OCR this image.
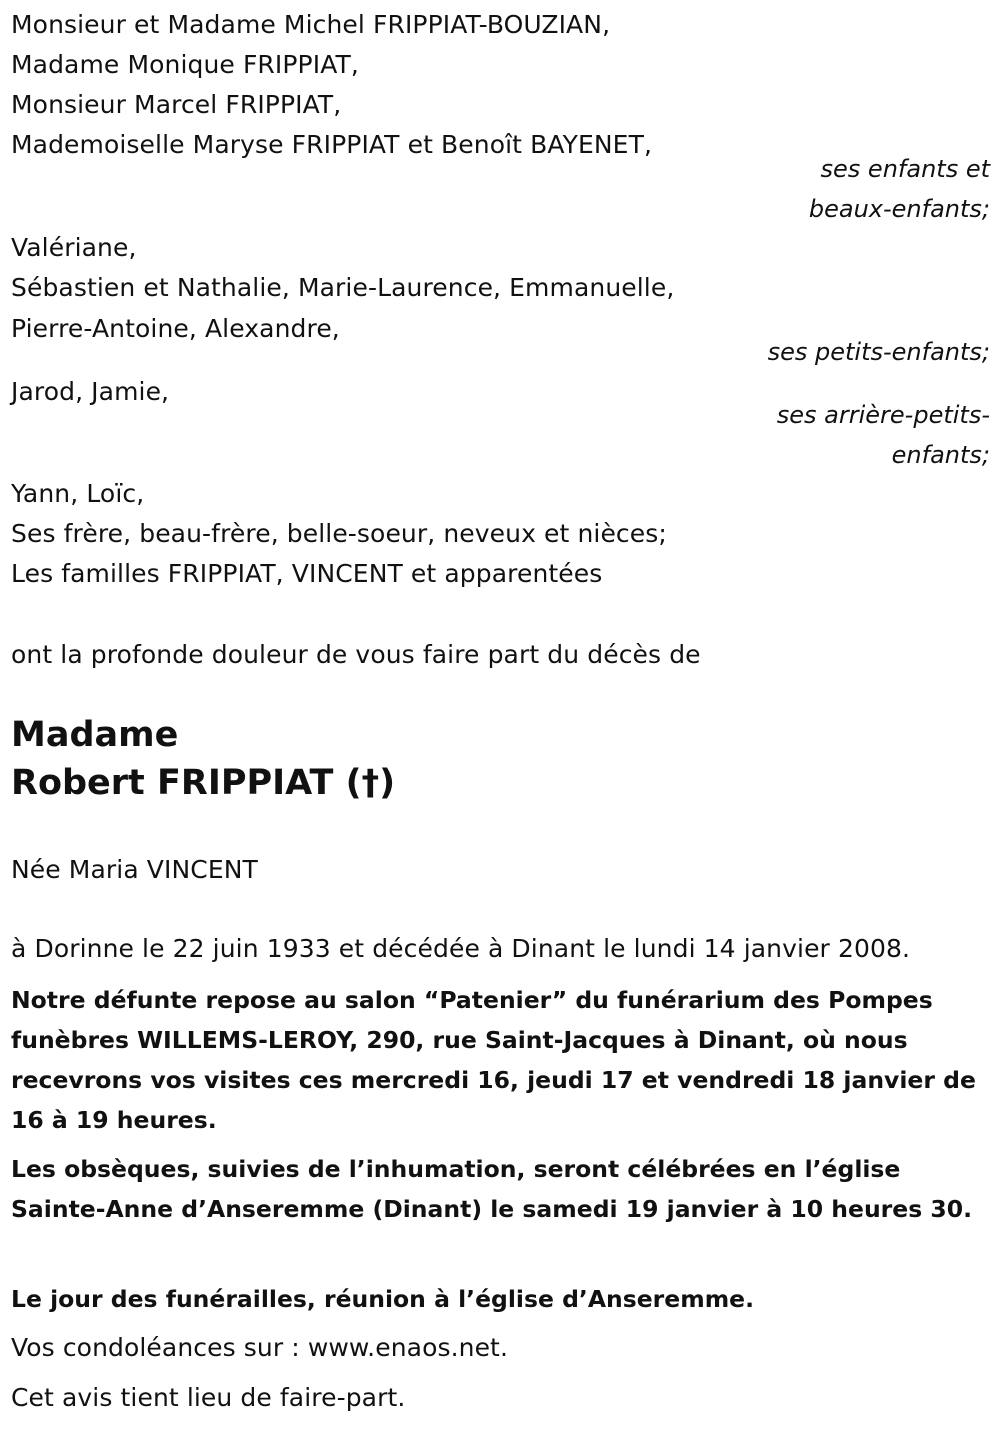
Monsieur et Madame Michel FRIPPIAT-BOUZIAN,
Madame Monique FRIPPIAT,
Monsieur Marcel FRIPPIAT,
Mademoiselle Maryse FRIPPIAT et Benoît BAYENET,
ses enfants et
beaux-enfants;
Valériane,
Sébastien et Nathalie, Marie-Laurence, Emmanuelle,
Pierre-Antoine, Alexandre,
ses petits-enfants;
Jarod, Jamie,
ses arrière-petits-
enfants;
Yann, Loïc,
Ses frère, beau-frère, belle-soeur, neveux et nièces;
Les familles FRIPPIAT, VINCENT et apparentées
ont la profonde douleur de vous faire part du décès de
Madame
Robert FRIPPIAT (†)
Née Maria VINCENT
à Dorinne le 22 juin 1933 et décédée à Dinant le lundi 14 janvier 2008.

Notre défunte repose au salon “Patenier” du funérarium des Pompes funèbres WILLEMS-LEROY, 290, rue Saint-Jacques à Dinant, où nous recevrons vos visites ces mercredi 16, jeudi 17 et vendredi 18 janvier de 16 à 19 heures.

Les obsèques, suivies de l’inhumation, seront célébrées en l’église Sainte-Anne d’Anseremme (Dinant) le samedi 19 janvier à 10 heures 30.

Le jour des funérailles, réunion à l’église d’Anseremme.

Vos condoléances sur : www.enaos.net.
Cet avis tient lieu de faire-part.
